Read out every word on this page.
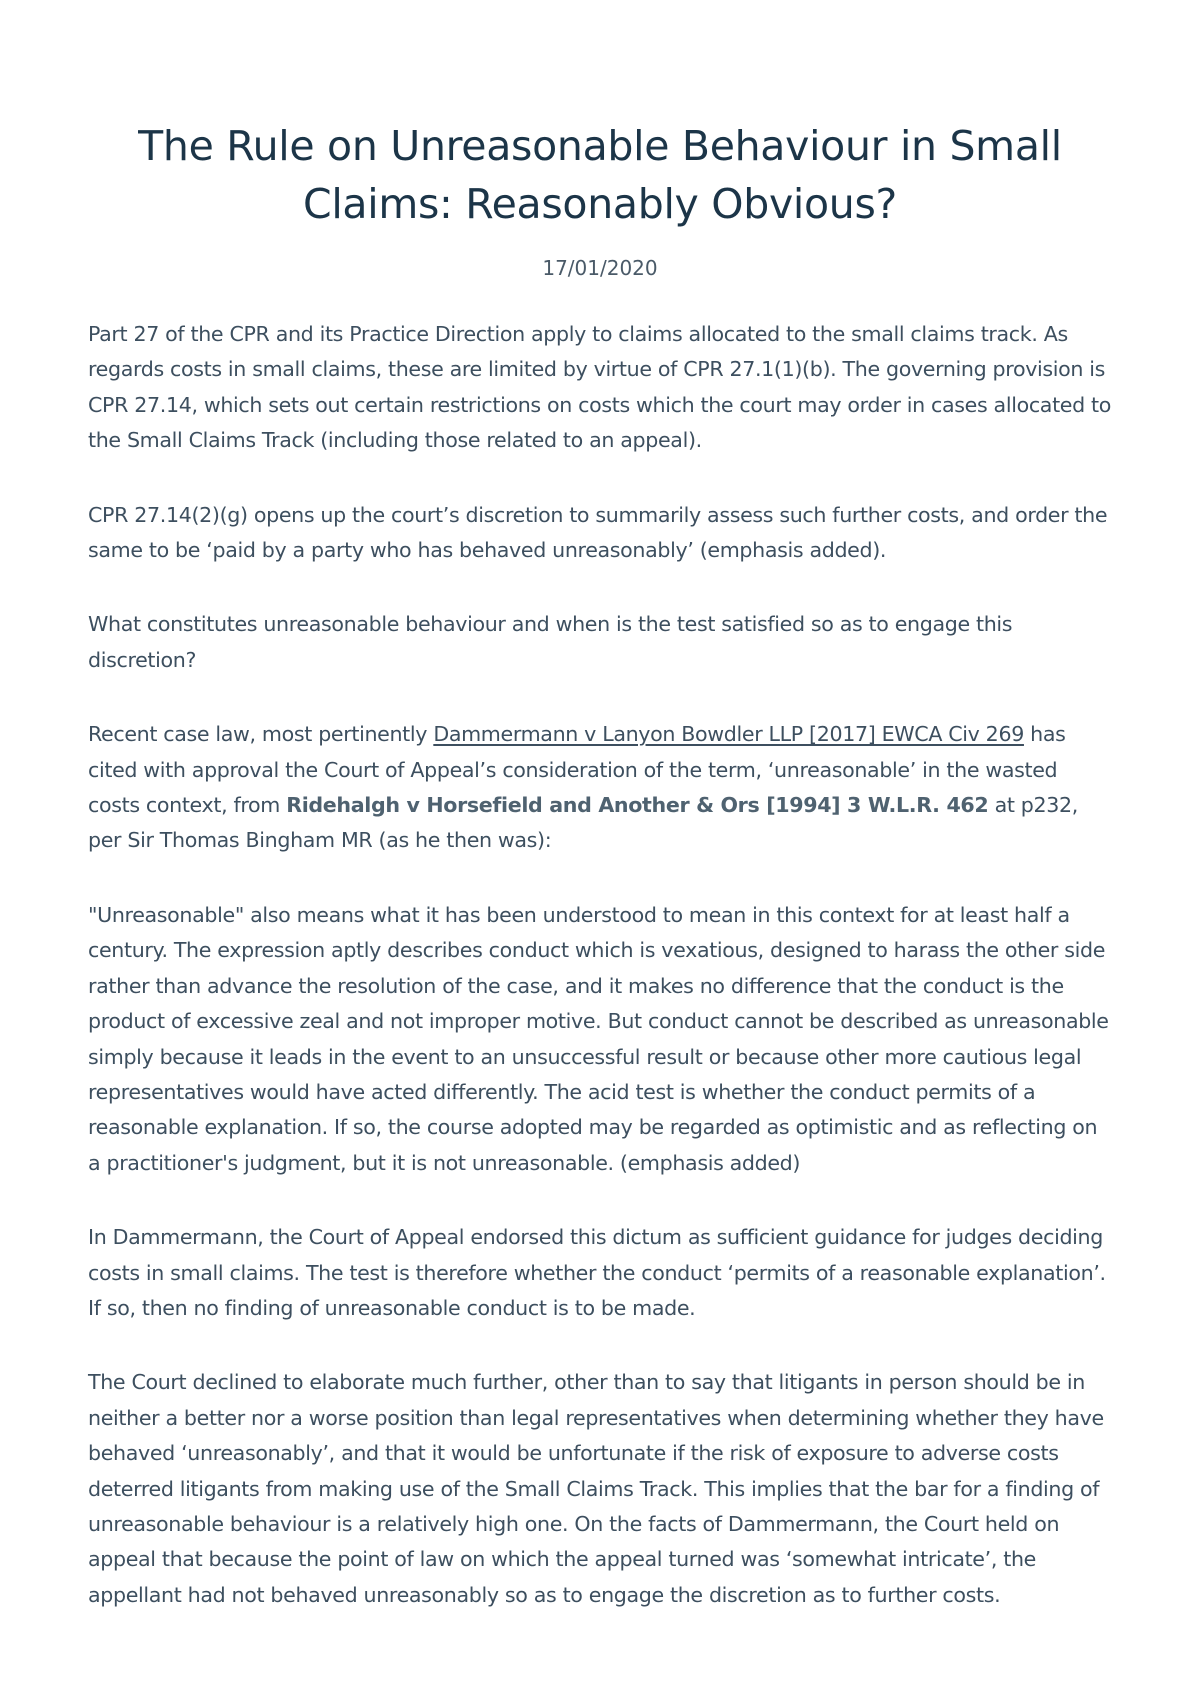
The Rule on Unreasonable Behaviour in Small Claims: Reasonably Obvious?
17/01/2020

Part 27 of the CPR and its Practice Direction apply to claims allocated to the small claims track. As regards costs in small claims, these are limited by virtue of CPR 27.1(1)(b). The governing provision is CPR 27.14, which sets out certain restrictions on costs which the court may order in cases allocated to the Small Claims Track (including those related to an appeal).

CPR 27.14(2)(g) opens up the court’s discretion to summarily assess such further costs, and order the same to be ‘paid by a party who has behaved unreasonably’ (emphasis added).

What constitutes unreasonable behaviour and when is the test satisfied so as to engage this discretion?

Recent case law, most pertinently Dammermann v Lanyon Bowdler LLP [2017] EWCA Civ 269 has cited with approval the Court of Appeal’s consideration of the term, ‘unreasonable’ in the wasted costs context, from Ridehalgh v Horsefield and Another & Ors [1994] 3 W.L.R. 462 at p232, per Sir Thomas Bingham MR (as he then was):

"Unreasonable" also means what it has been understood to mean in this context for at least half a century. The expression aptly describes conduct which is vexatious, designed to harass the other side rather than advance the resolution of the case, and it makes no difference that the conduct is the product of excessive zeal and not improper motive. But conduct cannot be described as unreasonable simply because it leads in the event to an unsuccessful result or because other more cautious legal representatives would have acted differently. The acid test is whether the conduct permits of a reasonable explanation. If so, the course adopted may be regarded as optimistic and as reflecting on a practitioner's judgment, but it is not unreasonable. (emphasis added)

In Dammermann, the Court of Appeal endorsed this dictum as sufficient guidance for judges deciding costs in small claims. The test is therefore whether the conduct ‘permits of a reasonable explanation’. If so, then no finding of unreasonable conduct is to be made.

The Court declined to elaborate much further, other than to say that litigants in person should be in neither a better nor a worse position than legal representatives when determining whether they have behaved ‘unreasonably’, and that it would be unfortunate if the risk of exposure to adverse costs deterred litigants from making use of the Small Claims Track. This implies that the bar for a finding of unreasonable behaviour is a relatively high one. On the facts of Dammermann, the Court held on appeal that because the point of law on which the appeal turned was ‘somewhat intricate’, the appellant had not behaved unreasonably so as to engage the discretion as to further costs.
